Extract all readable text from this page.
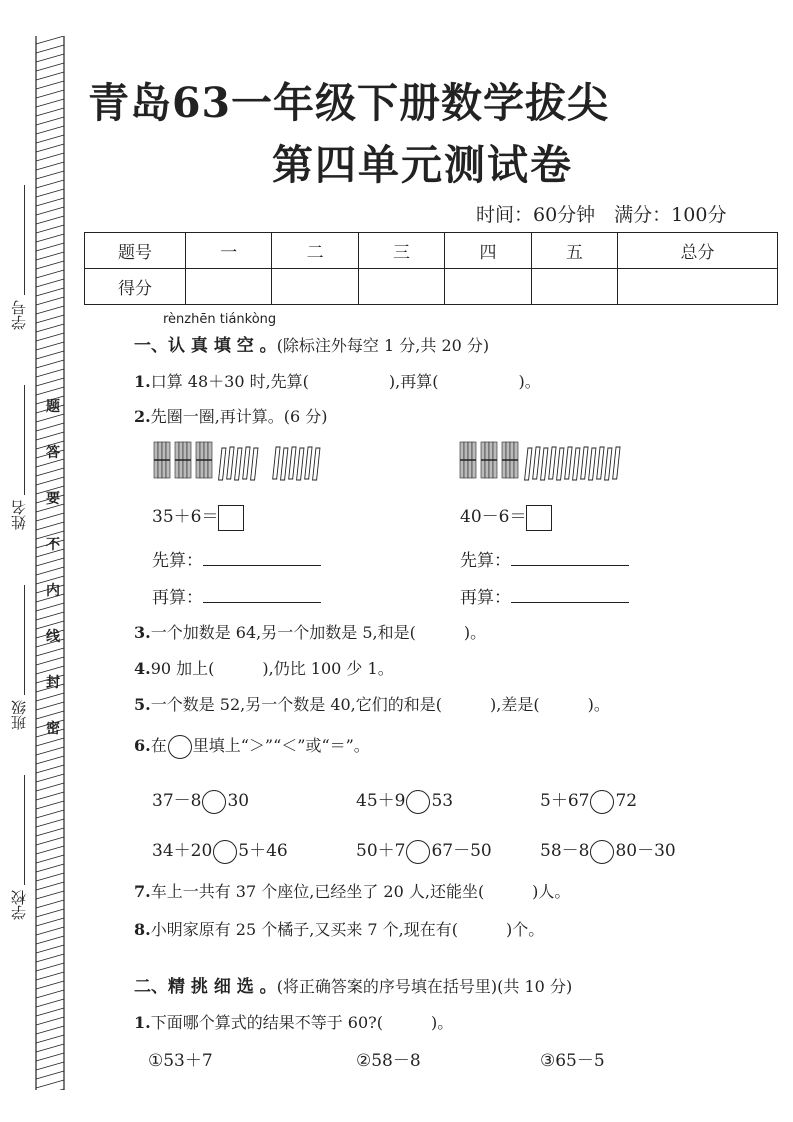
学号
姓名
班级
学校
题
答
要
不
内
线
封
密
青岛63一年级下册数学拔尖
第四单元测试卷
时间：60分钟　满分：100分
题号	一	二	三	四	五	总分
得分						
rènzhēn tiánkòng
一、认 真 填 空 。(除标注外每空 1 分,共 20 分)
1.口算 48＋30 时,先算(　　　　　),再算(　　　　　)。
2.先圈一圈,再计算。(6 分)
35＋6＝	40－6＝
先算：	先算：
再算：	再算：
3.一个加数是 64,另一个加数是 5,和是(　　　)。
4.90 加上(　　　),仍比 100 少 1。
5.一个数是 52,另一个数是 40,它们的和是(　　　),差是(　　　)。
6.在 里填上“＞”“＜”或“＝”。
37－8 30	45＋9 53	5＋67 72
34＋20 5＋46	50＋7 67－50	58－8 80－30
7.车上一共有 37 个座位,已经坐了 20 人,还能坐(　　　)人。
8.小明家原有 25 个橘子,又买来 7 个,现在有(　　　)个。
二、精 挑 细 选 。(将正确答案的序号填在括号里)(共 10 分)
1.下面哪个算式的结果不等于 60?(　　　)。
①53＋7	②58－8	③65－5
